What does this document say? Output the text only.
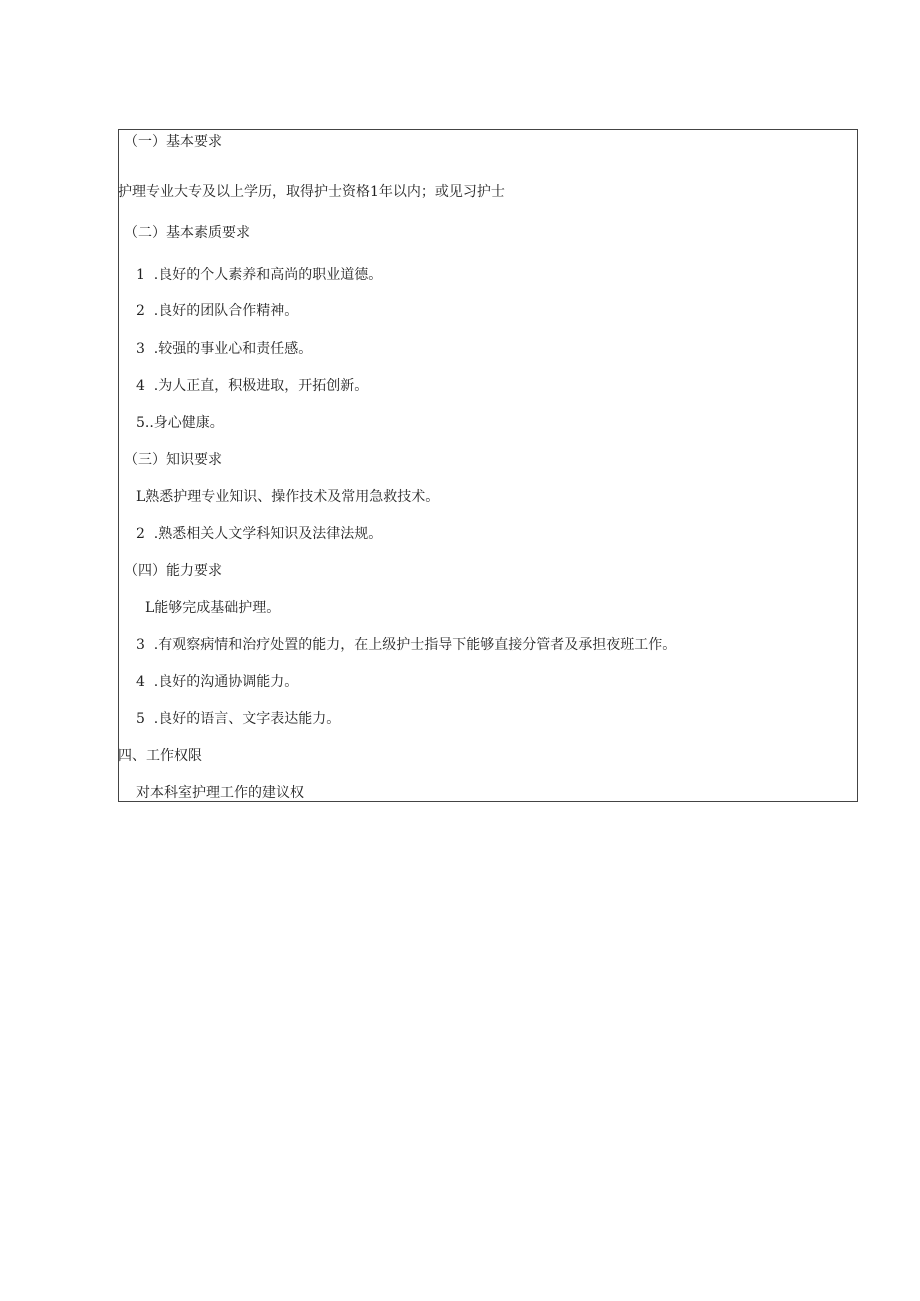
（一）基本要求
护理专业大专及以上学历，取得护士资格1年以内；或见习护士
（二）基本素质要求
1  .良好的个人素养和高尚的职业道德。
2  .良好的团队合作精神。
3  .较强的事业心和责任感。
4  .为人正直，积极进取，开拓创新。
5..身心健康。
（三）知识要求
L熟悉护理专业知识、操作技术及常用急救技术。
2  .熟悉相关人文学科知识及法律法规。
（四）能力要求
L能够完成基础护理。
3  .有观察病情和治疗处置的能力，在上级护士指导下能够直接分管者及承担夜班工作。
4  .良好的沟通协调能力。
5  .良好的语言、文字表达能力。
四、工作权限
对本科室护理工作的建议权
